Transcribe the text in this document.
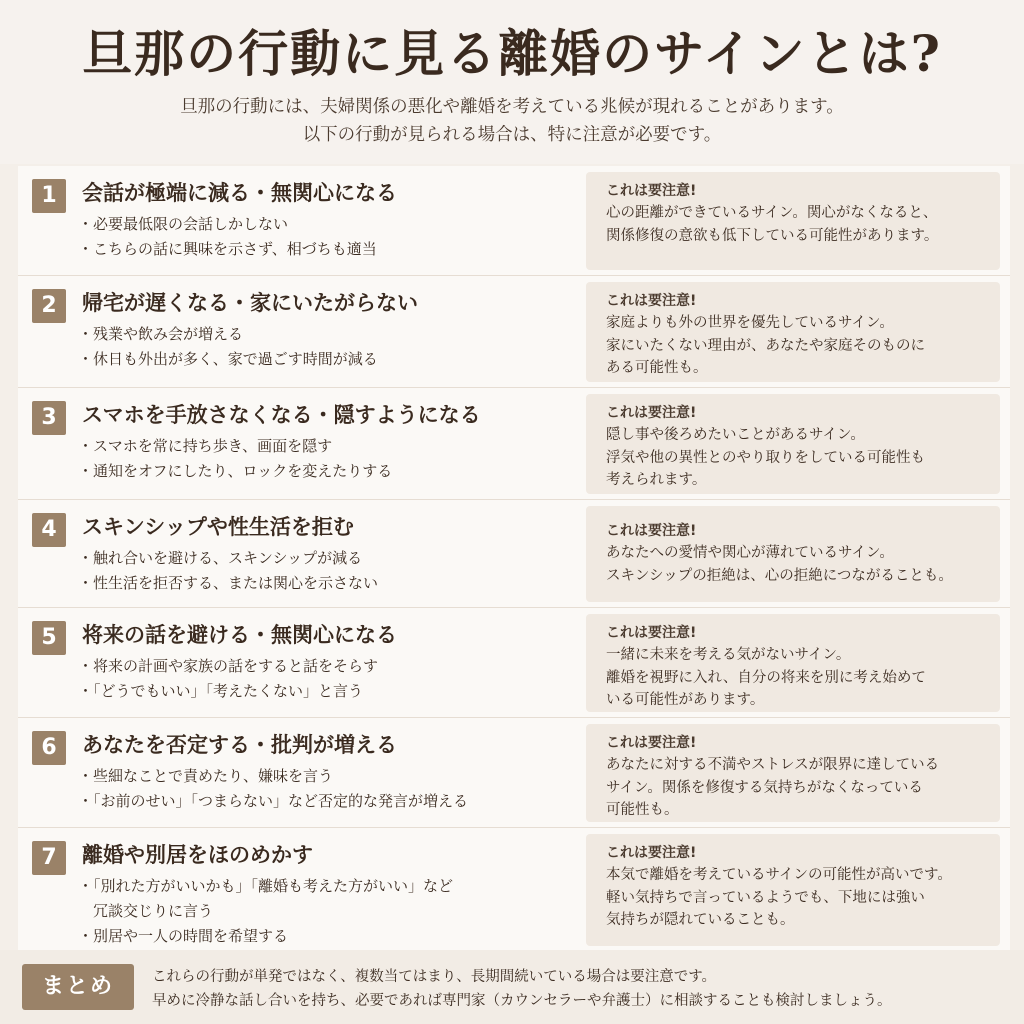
旦那の行動に見る離婚のサインとは?
旦那の行動には、夫婦関係の悪化や離婚を考えている兆候が現れることがあります。
以下の行動が見られる場合は、特に注意が必要です。
1	会話が極端に減る・無関心になる
・必要最低限の会話しかしない
・こちらの話に興味を示さず、相づちも適当
これは要注意!
心の距離ができているサイン。関心がなくなると、
関係修復の意欲も低下している可能性があります。
2	帰宅が遅くなる・家にいたがらない
・残業や飲み会が増える
・休日も外出が多く、家で過ごす時間が減る
これは要注意!
家庭よりも外の世界を優先しているサイン。
家にいたくない理由が、あなたや家庭そのものに
ある可能性も。
3	スマホを手放さなくなる・隠すようになる
・スマホを常に持ち歩き、画面を隠す
・通知をオフにしたり、ロックを変えたりする
これは要注意!
隠し事や後ろめたいことがあるサイン。
浮気や他の異性とのやり取りをしている可能性も
考えられます。
4	スキンシップや性生活を拒む
・触れ合いを避ける、スキンシップが減る
・性生活を拒否する、または関心を示さない
これは要注意!
あなたへの愛情や関心が薄れているサイン。
スキンシップの拒絶は、心の拒絶につながることも。
5	将来の話を避ける・無関心になる
・将来の計画や家族の話をすると話をそらす
・「どうでもいい」「考えたくない」と言う
これは要注意!
一緒に未来を考える気がないサイン。
離婚を視野に入れ、自分の将来を別に考え始めて
いる可能性があります。
6	あなたを否定する・批判が増える
・些細なことで責めたり、嫌味を言う
・「お前のせい」「つまらない」など否定的な発言が増える
これは要注意!
あなたに対する不満やストレスが限界に達している
サイン。関係を修復する気持ちがなくなっている
可能性も。
7	離婚や別居をほのめかす
・「別れた方がいいかも」「離婚も考えた方がいい」など
　冗談交じりに言う
・別居や一人の時間を希望する
これは要注意!
本気で離婚を考えているサインの可能性が高いです。
軽い気持ちで言っているようでも、下地には強い
気持ちが隠れていることも。
まとめ	これらの行動が単発ではなく、複数当てはまり、長期間続いている場合は要注意です。
早めに冷静な話し合いを持ち、必要であれば専門家（カウンセラーや弁護士）に相談することも検討しましょう。
